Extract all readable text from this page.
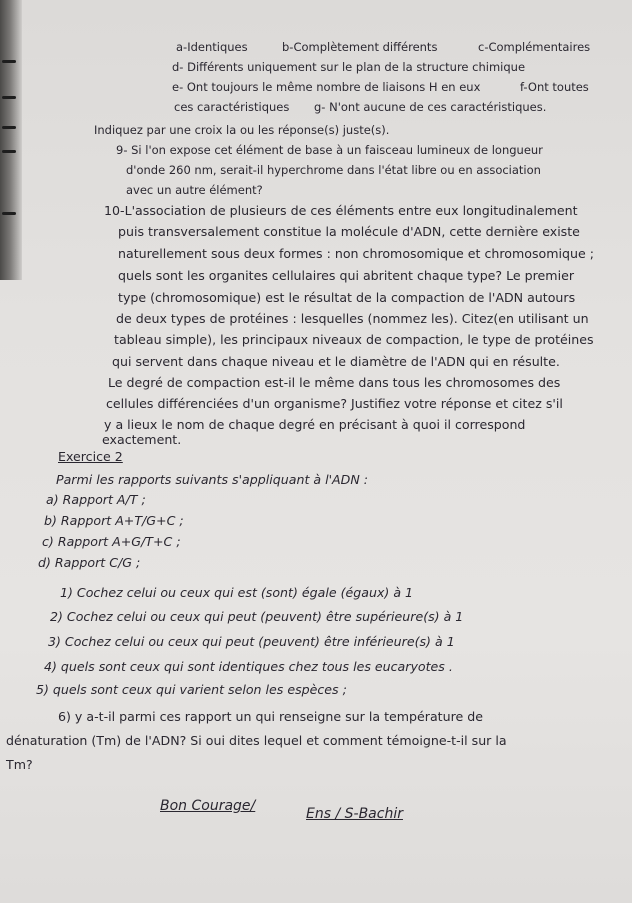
a-Identiques	b-Complètement différents	c-Complémentaires
d- Différents uniquement sur le plan de la structure chimique
e- Ont toujours le même nombre de liaisons H en eux	f-Ont toutes
ces caractéristiques g- N'ont aucune de ces caractéristiques.
Indiquez par une croix la ou les réponse(s) juste(s).
9- Si l'on expose cet élément de base à un faisceau lumineux de longueur
d'onde 260 nm, serait-il hyperchrome dans l'état libre ou en association
avec un autre élément?
10-L'association de plusieurs de ces éléments entre eux longitudinalement
puis transversalement constitue la molécule d'ADN, cette dernière existe
naturellement sous deux formes : non chromosomique et chromosomique ;
quels sont les organites cellulaires qui abritent chaque type? Le premier
type (chromosomique) est le résultat de la compaction de l'ADN autours
de deux types de protéines : lesquelles (nommez les). Citez(en utilisant un
tableau simple), les principaux niveaux de compaction, le type de protéines
qui servent dans chaque niveau et le diamètre de l'ADN qui en résulte.
Le degré de compaction est-il le même dans tous les chromosomes des
cellules différenciées d'un organisme? Justifiez votre réponse et citez s'il
y a lieux le nom de chaque degré en précisant à quoi il correspond
exactement.
Exercice 2
Parmi les rapports suivants s'appliquant à l'ADN :
a) Rapport A/T ;
b) Rapport A+T/G+C ;
c) Rapport A+G/T+C ;
d) Rapport C/G ;
1) Cochez celui ou ceux qui est (sont) égale (égaux) à 1
2) Cochez celui ou ceux qui peut (peuvent) être supérieure(s) à 1
3) Cochez celui ou ceux qui peut (peuvent) être inférieure(s) à 1
4) quels sont ceux qui sont identiques chez tous les eucaryotes .
5) quels sont ceux qui varient selon les espèces ;
6) y a-t-il parmi ces rapport un qui renseigne sur la température de
dénaturation (Tm) de l'ADN? Si oui dites lequel et comment témoigne-t-il sur la
Tm?
Bon Courage/	Ens / S-Bachir
